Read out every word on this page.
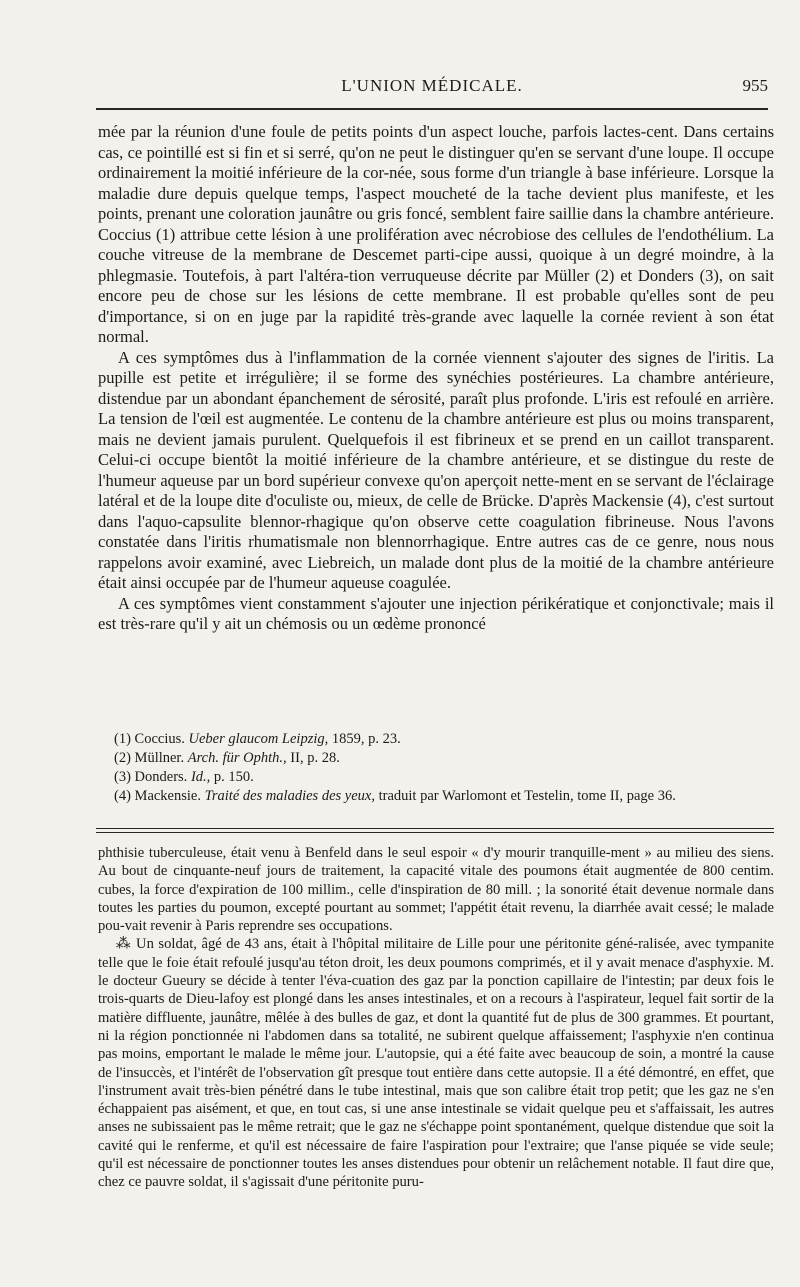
L'UNION MÉDICALE.	955

mée par la réunion d'une foule de petits points d'un aspect louche, parfois lactes-cent. Dans certains cas, ce pointillé est si fin et si serré, qu'on ne peut le distinguer qu'en se servant d'une loupe. Il occupe ordinairement la moitié inférieure de la cor-née, sous forme d'un triangle à base inférieure. Lorsque la maladie dure depuis quelque temps, l'aspect moucheté de la tache devient plus manifeste, et les points, prenant une coloration jaunâtre ou gris foncé, semblent faire saillie dans la chambre antérieure. Coccius (1) attribue cette lésion à une prolifération avec nécrobiose des cellules de l'endothélium. La couche vitreuse de la membrane de Descemet parti-cipe aussi, quoique à un degré moindre, à la phlegmasie. Toutefois, à part l'altéra-tion verruqueuse décrite par Müller (2) et Donders (3), on sait encore peu de chose sur les lésions de cette membrane. Il est probable qu'elles sont de peu d'importance, si on en juge par la rapidité très-grande avec laquelle la cornée revient à son état normal.

A ces symptômes dus à l'inflammation de la cornée viennent s'ajouter des signes de l'iritis. La pupille est petite et irrégulière; il se forme des synéchies postérieures. La chambre antérieure, distendue par un abondant épanchement de sérosité, paraît plus profonde. L'iris est refoulé en arrière. La tension de l'œil est augmentée. Le contenu de la chambre antérieure est plus ou moins transparent, mais ne devient jamais purulent. Quelquefois il est fibrineux et se prend en un caillot transparent. Celui-ci occupe bientôt la moitié inférieure de la chambre antérieure, et se distingue du reste de l'humeur aqueuse par un bord supérieur convexe qu'on aperçoit nette-ment en se servant de l'éclairage latéral et de la loupe dite d'oculiste ou, mieux, de celle de Brücke. D'après Mackensie (4), c'est surtout dans l'aquo-capsulite blennor-rhagique qu'on observe cette coagulation fibrineuse. Nous l'avons constatée dans l'iritis rhumatismale non blennorrhagique. Entre autres cas de ce genre, nous nous rappelons avoir examiné, avec Liebreich, un malade dont plus de la moitié de la chambre antérieure était ainsi occupée par de l'humeur aqueuse coagulée.

A ces symptômes vient constamment s'ajouter une injection périkératique et conjonctivale; mais il est très-rare qu'il y ait un chémosis ou un œdème prononcé

(1) Coccius. Ueber glaucom Leipzig, 1859, p. 23.

(2) Müllner. Arch. für Ophth., II, p. 28.

(3) Donders. Id., p. 150.

(4) Mackensie. Traité des maladies des yeux, traduit par Warlomont et Testelin, tome II, page 36.

phthisie tuberculeuse, était venu à Benfeld dans le seul espoir « d'y mourir tranquille-ment » au milieu des siens. Au bout de cinquante-neuf jours de traitement, la capacité vitale des poumons était augmentée de 800 centim. cubes, la force d'expiration de 100 millim., celle d'inspiration de 80 mill. ; la sonorité était devenue normale dans toutes les parties du poumon, excepté pourtant au sommet; l'appétit était revenu, la diarrhée avait cessé; le malade pou-vait revenir à Paris reprendre ses occupations.

⁂ Un soldat, âgé de 43 ans, était à l'hôpital militaire de Lille pour une péritonite géné-ralisée, avec tympanite telle que le foie était refoulé jusqu'au téton droit, les deux poumons comprimés, et il y avait menace d'asphyxie. M. le docteur Gueury se décide à tenter l'éva-cuation des gaz par la ponction capillaire de l'intestin; par deux fois le trois-quarts de Dieu-lafoy est plongé dans les anses intestinales, et on a recours à l'aspirateur, lequel fait sortir de la matière diffluente, jaunâtre, mêlée à des bulles de gaz, et dont la quantité fut de plus de 300 grammes. Et pourtant, ni la région ponctionnée ni l'abdomen dans sa totalité, ne subirent quelque affaissement; l'asphyxie n'en continua pas moins, emportant le malade le même jour. L'autopsie, qui a été faite avec beaucoup de soin, a montré la cause de l'insuccès, et l'intérêt de l'observation gît presque tout entière dans cette autopsie. Il a été démontré, en effet, que l'instrument avait très-bien pénétré dans le tube intestinal, mais que son calibre était trop petit; que les gaz ne s'en échappaient pas aisément, et que, en tout cas, si une anse intestinale se vidait quelque peu et s'affaissait, les autres anses ne subissaient pas le même retrait; que le gaz ne s'échappe point spontanément, quelque distendue que soit la cavité qui le renferme, et qu'il est nécessaire de faire l'aspiration pour l'extraire; que l'anse piquée se vide seule; qu'il est nécessaire de ponctionner toutes les anses distendues pour obtenir un relâchement notable. Il faut dire que, chez ce pauvre soldat, il s'agissait d'une péritonite puru-
